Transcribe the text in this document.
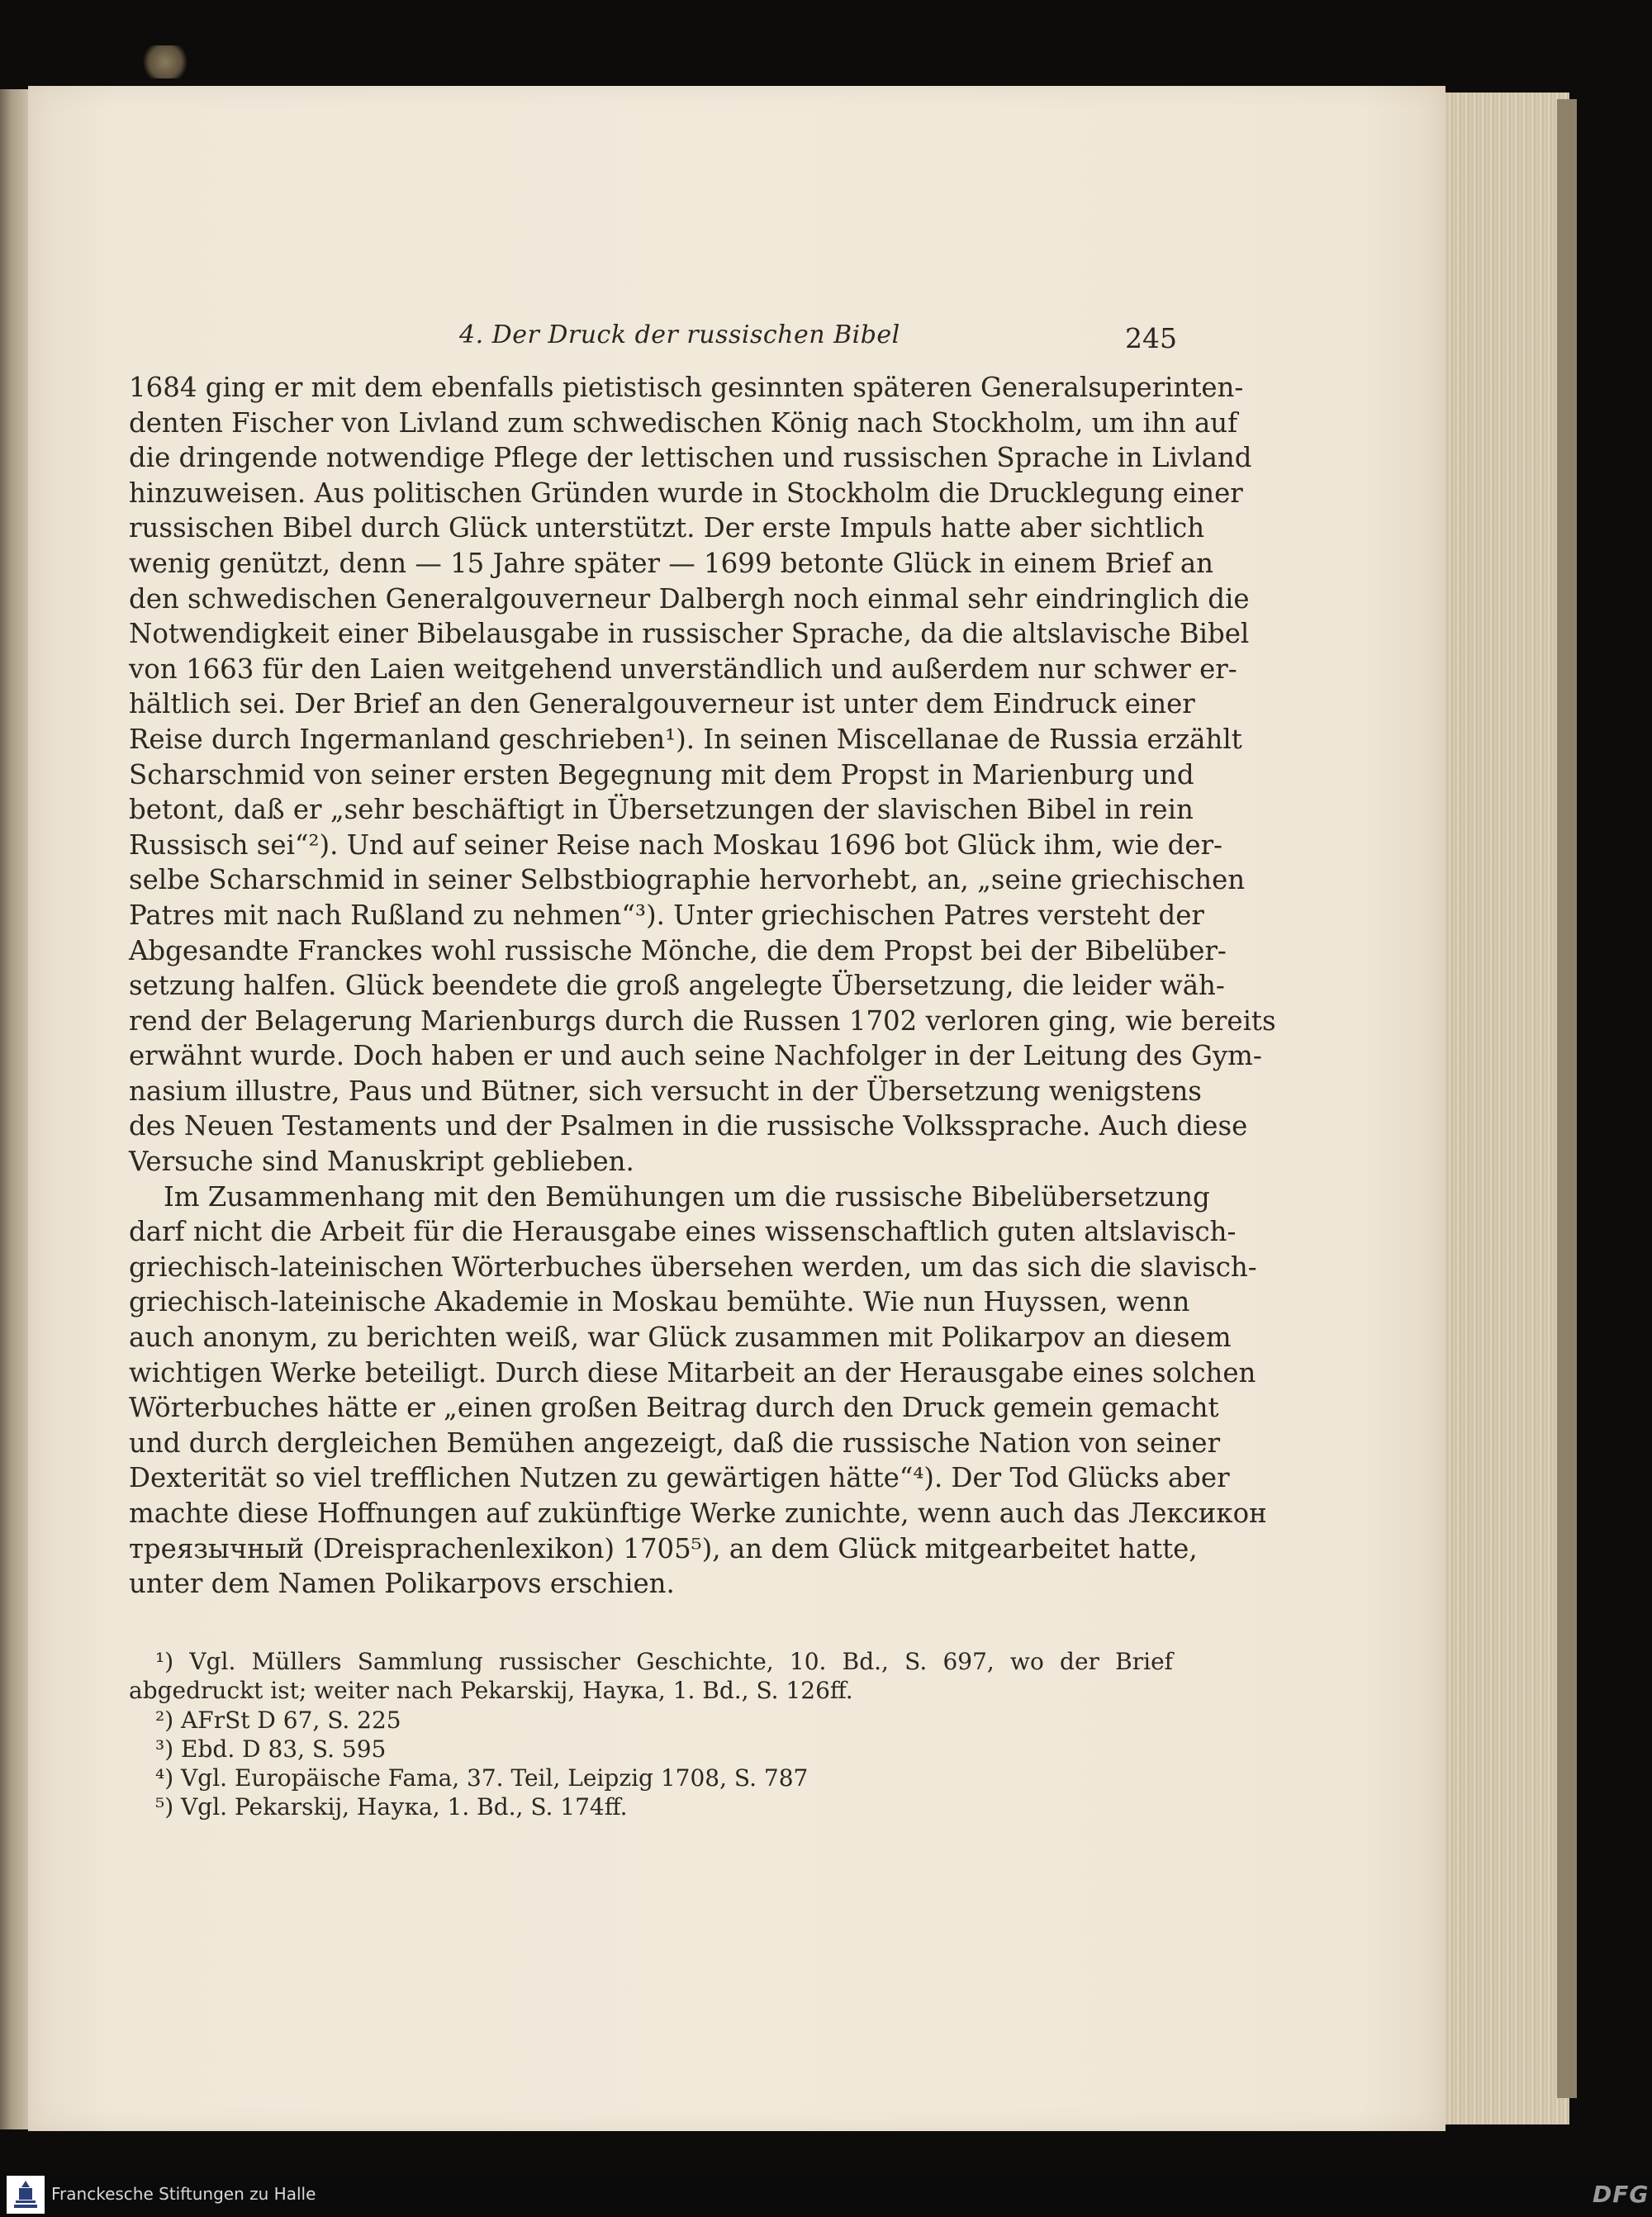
4. Der Druck der russischen Bibel	245
1684 ging er mit dem ebenfalls pietistisch gesinnten späteren Generalsuperinten-
denten Fischer von Livland zum schwedischen König nach Stockholm, um ihn auf
die dringende notwendige Pflege der lettischen und russischen Sprache in Livland
hinzuweisen. Aus politischen Gründen wurde in Stockholm die Drucklegung einer
russischen Bibel durch Glück unterstützt. Der erste Impuls hatte aber sichtlich
wenig genützt, denn — 15 Jahre später — 1699 betonte Glück in einem Brief an
den schwedischen Generalgouverneur Dalbergh noch einmal sehr eindringlich die
Notwendigkeit einer Bibelausgabe in russischer Sprache, da die altslavische Bibel
von 1663 für den Laien weitgehend unverständlich und außerdem nur schwer er-
hältlich sei. Der Brief an den Generalgouverneur ist unter dem Eindruck einer
Reise durch Ingermanland geschrieben¹). In seinen Miscellanae de Russia erzählt
Scharschmid von seiner ersten Begegnung mit dem Propst in Marienburg und
betont, daß er „sehr beschäftigt in Übersetzungen der slavischen Bibel in rein
Russisch sei“²). Und auf seiner Reise nach Moskau 1696 bot Glück ihm, wie der-
selbe Scharschmid in seiner Selbstbiographie hervorhebt, an, „seine griechischen
Patres mit nach Rußland zu nehmen“³). Unter griechischen Patres versteht der
Abgesandte Franckes wohl russische Mönche, die dem Propst bei der Bibelüber-
setzung halfen. Glück beendete die groß angelegte Übersetzung, die leider wäh-
rend der Belagerung Marienburgs durch die Russen 1702 verloren ging, wie bereits
erwähnt wurde. Doch haben er und auch seine Nachfolger in der Leitung des Gym-
nasium illustre, Paus und Bütner, sich versucht in der Übersetzung wenigstens
des Neuen Testaments und der Psalmen in die russische Volkssprache. Auch diese
Versuche sind Manuskript geblieben.
Im Zusammenhang mit den Bemühungen um die russische Bibelübersetzung
darf nicht die Arbeit für die Herausgabe eines wissenschaftlich guten altslavisch-
griechisch-lateinischen Wörterbuches übersehen werden, um das sich die slavisch-
griechisch-lateinische Akademie in Moskau bemühte. Wie nun Huyssen, wenn
auch anonym, zu berichten weiß, war Glück zusammen mit Polikarpov an diesem
wichtigen Werke beteiligt. Durch diese Mitarbeit an der Herausgabe eines solchen
Wörterbuches hätte er „einen großen Beitrag durch den Druck gemein gemacht
und durch dergleichen Bemühen angezeigt, daß die russische Nation von seiner
Dexterität so viel trefflichen Nutzen zu gewärtigen hätte“⁴). Der Tod Glücks aber
machte diese Hoffnungen auf zukünftige Werke zunichte, wenn auch das Лексикон
треязычный (Dreisprachenlexikon) 1705⁵), an dem Glück mitgearbeitet hatte,
unter dem Namen Polikarpovs erschien.
¹) Vgl. Müllers Sammlung russischer Geschichte, 10. Bd., S. 697, wo der Brief
abgedruckt ist; weiter nach Pekarskij, Наука, 1. Bd., S. 126ff.
²) AFrSt D 67, S. 225
³) Ebd. D 83, S. 595
⁴) Vgl. Europäische Fama, 37. Teil, Leipzig 1708, S. 787
⁵) Vgl. Pekarskij, Наука, 1. Bd., S. 174ff.
Franckesche Stiftungen zu Halle	DFG
